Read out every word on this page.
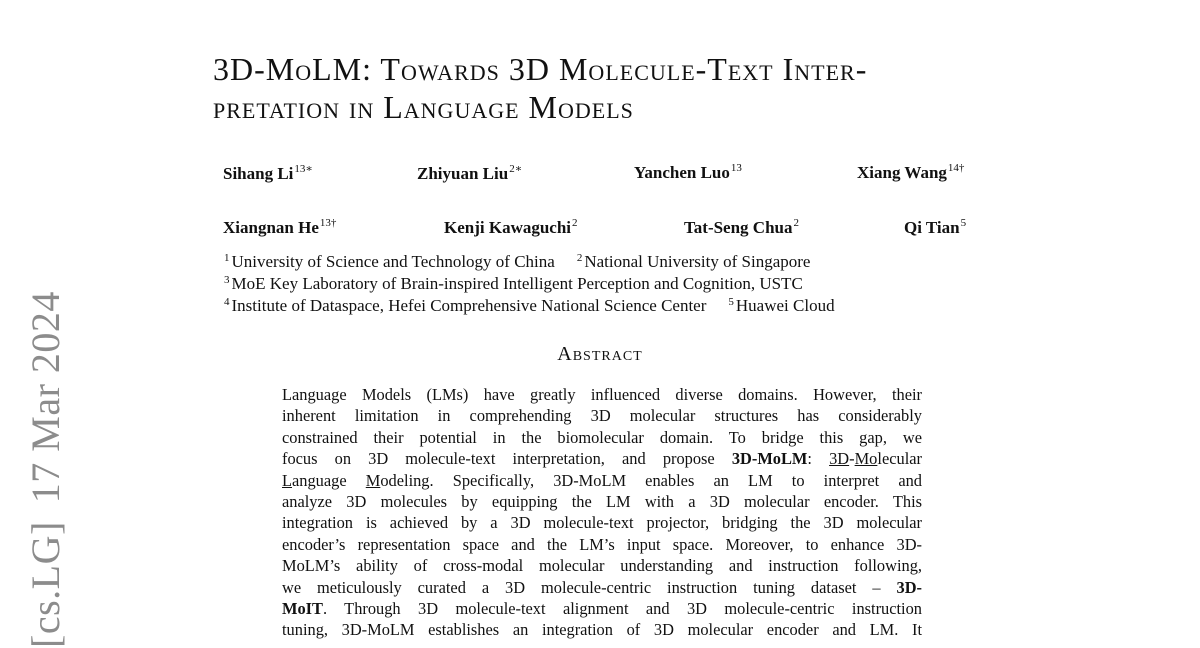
[cs.LG]17 Mar 2024
3D-MoLM: Towards 3D Molecule-Text Inter-
pretation in Language Models
Sihang $Li^{13∗}$	Zhiyuan Liu$^{2∗}$	Yanchen Luo$^{13}$	Xiang Wang$^{14\dagger}$
Xiangnan $He^{13\dagger}$	Kenji Kawaguchi$^2$	Tat-Seng Chua$^2$	Qi Tian$^5$
$^1$ University of Science and Technology of China $^2$ National University of Singapore
$^3$ MoE Key Laboratory of Brain-inspired Intelligent Perception and Cognition, USTC
$^4$ Institute of Dataspace, Hefei Comprehensive National Science Center $^5$ Huawei Cloud
Abstract
Language Models (LMs) have greatly influenced diverse domains. However, their
inherent limitation in comprehending 3D molecular structures has considerably
constrained their potential in the biomolecular domain. To bridge this gap, we
focus on 3D molecule-text interpretation, and propose 3D-MoLM: 3D-Molecular
Language Modeling. Specifically, 3D-MoLM enables an LM to interpret and
analyze 3D molecules by equipping the LM with a 3D molecular encoder. This
integration is achieved by a 3D molecule-text projector, bridging the 3D molecular
encoder’s representation space and the LM’s input space. Moreover, to enhance 3D-
MoLM’s ability of cross-modal molecular understanding and instruction following,
we meticulously curated a 3D molecule-centric instruction tuning dataset – 3D-
MoIT. Through 3D molecule-text alignment and 3D molecule-centric instruction
tuning, 3D-MoLM establishes an integration of 3D molecular encoder and LM. It
